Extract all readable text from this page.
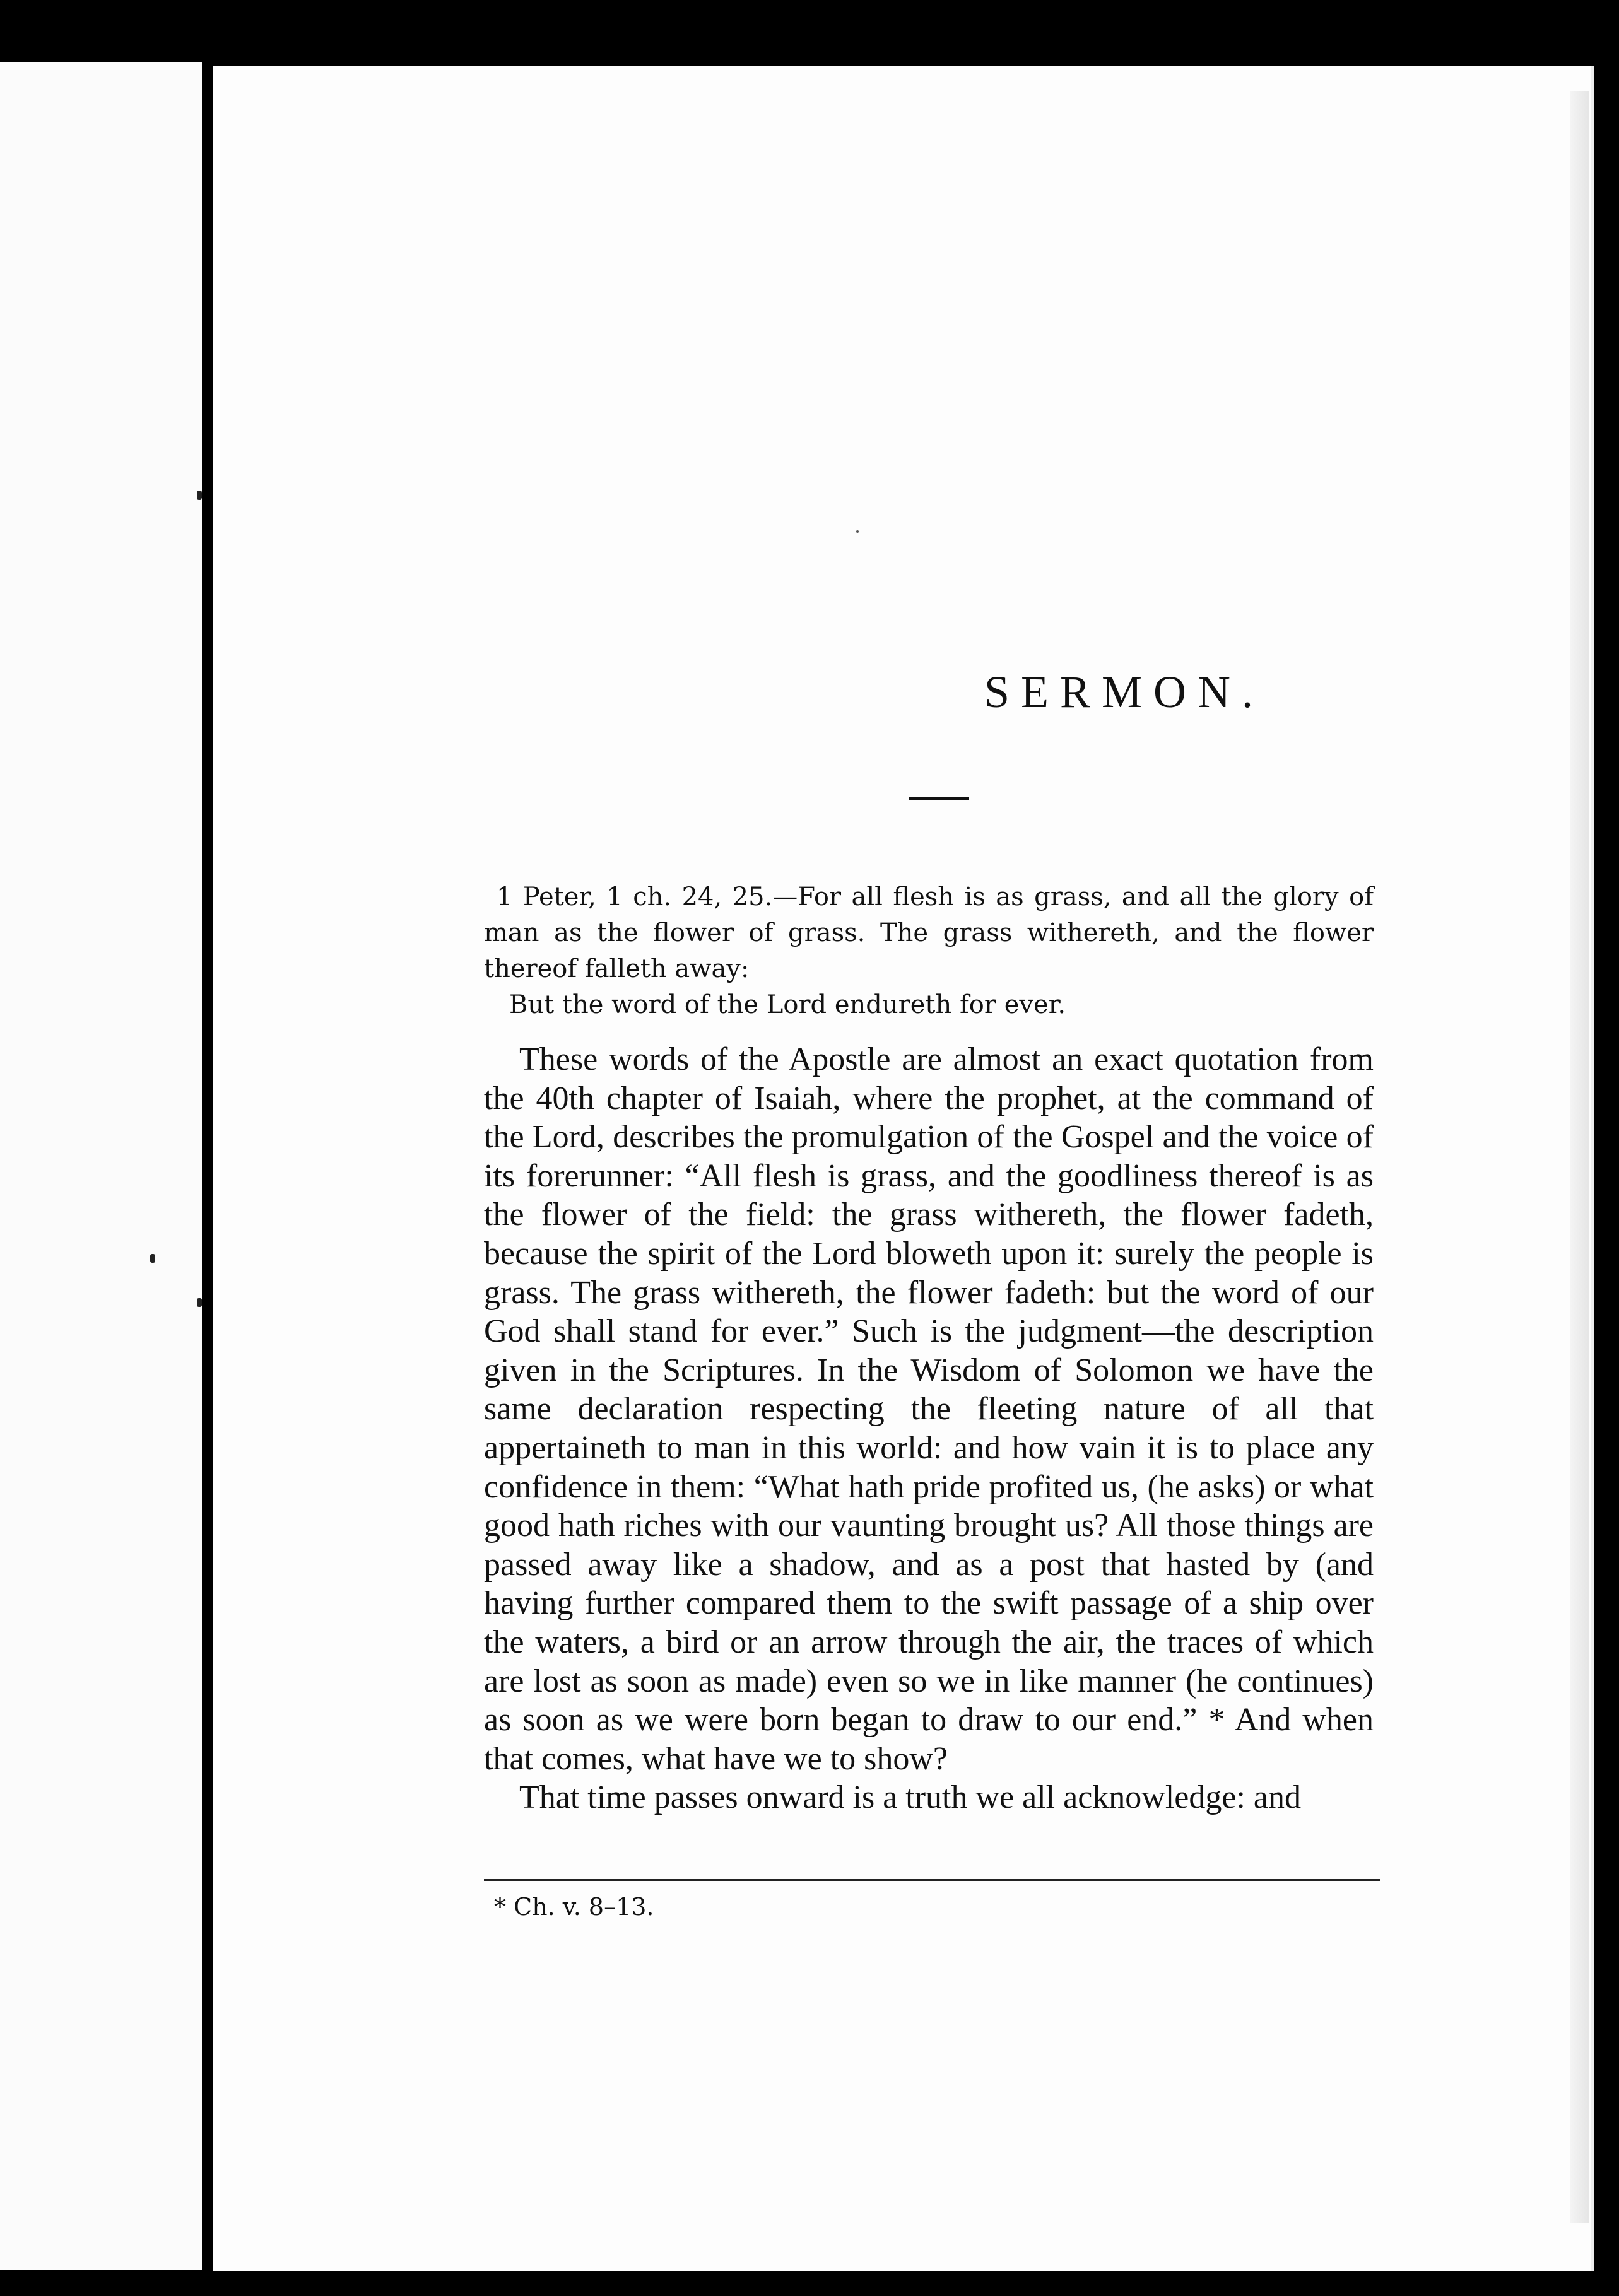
SERMON.
1 Peter, 1 ch. 24, 25.—For all flesh is as grass, and all the glory of man as the flower of grass. The grass withereth, and the flower thereof falleth away:
But the word of the Lord endureth for ever.

These words of the Apostle are almost an exact quotation from the 40th chapter of Isaiah, where the prophet, at the command of the Lord, describes the promulgation of the Gospel and the voice of its forerunner: “All flesh is grass, and the goodliness thereof is as the flower of the field: the grass withereth, the flower fadeth, because the spirit of the Lord bloweth upon it: surely the people is grass. The grass withereth, the flower fadeth: but the word of our God shall stand for ever.” Such is the judgment—the description given in the Scriptures. In the Wisdom of Solomon we have the same declaration respecting the fleeting nature of all that appertaineth to man in this world: and how vain it is to place any confidence in them: “What hath pride profited us, (he asks) or what good hath riches with our vaunting brought us? All those things are passed away like a shadow, and as a post that hasted by (and having further compared them to the swift passage of a ship over the waters, a bird or an arrow through the air, the traces of which are lost as soon as made) even so we in like manner (he continues) as soon as we were born began to draw to our end.” * And when that comes, what have we to show?

That time passes onward is a truth we all acknowledge: and

* Ch. v. 8–13.
